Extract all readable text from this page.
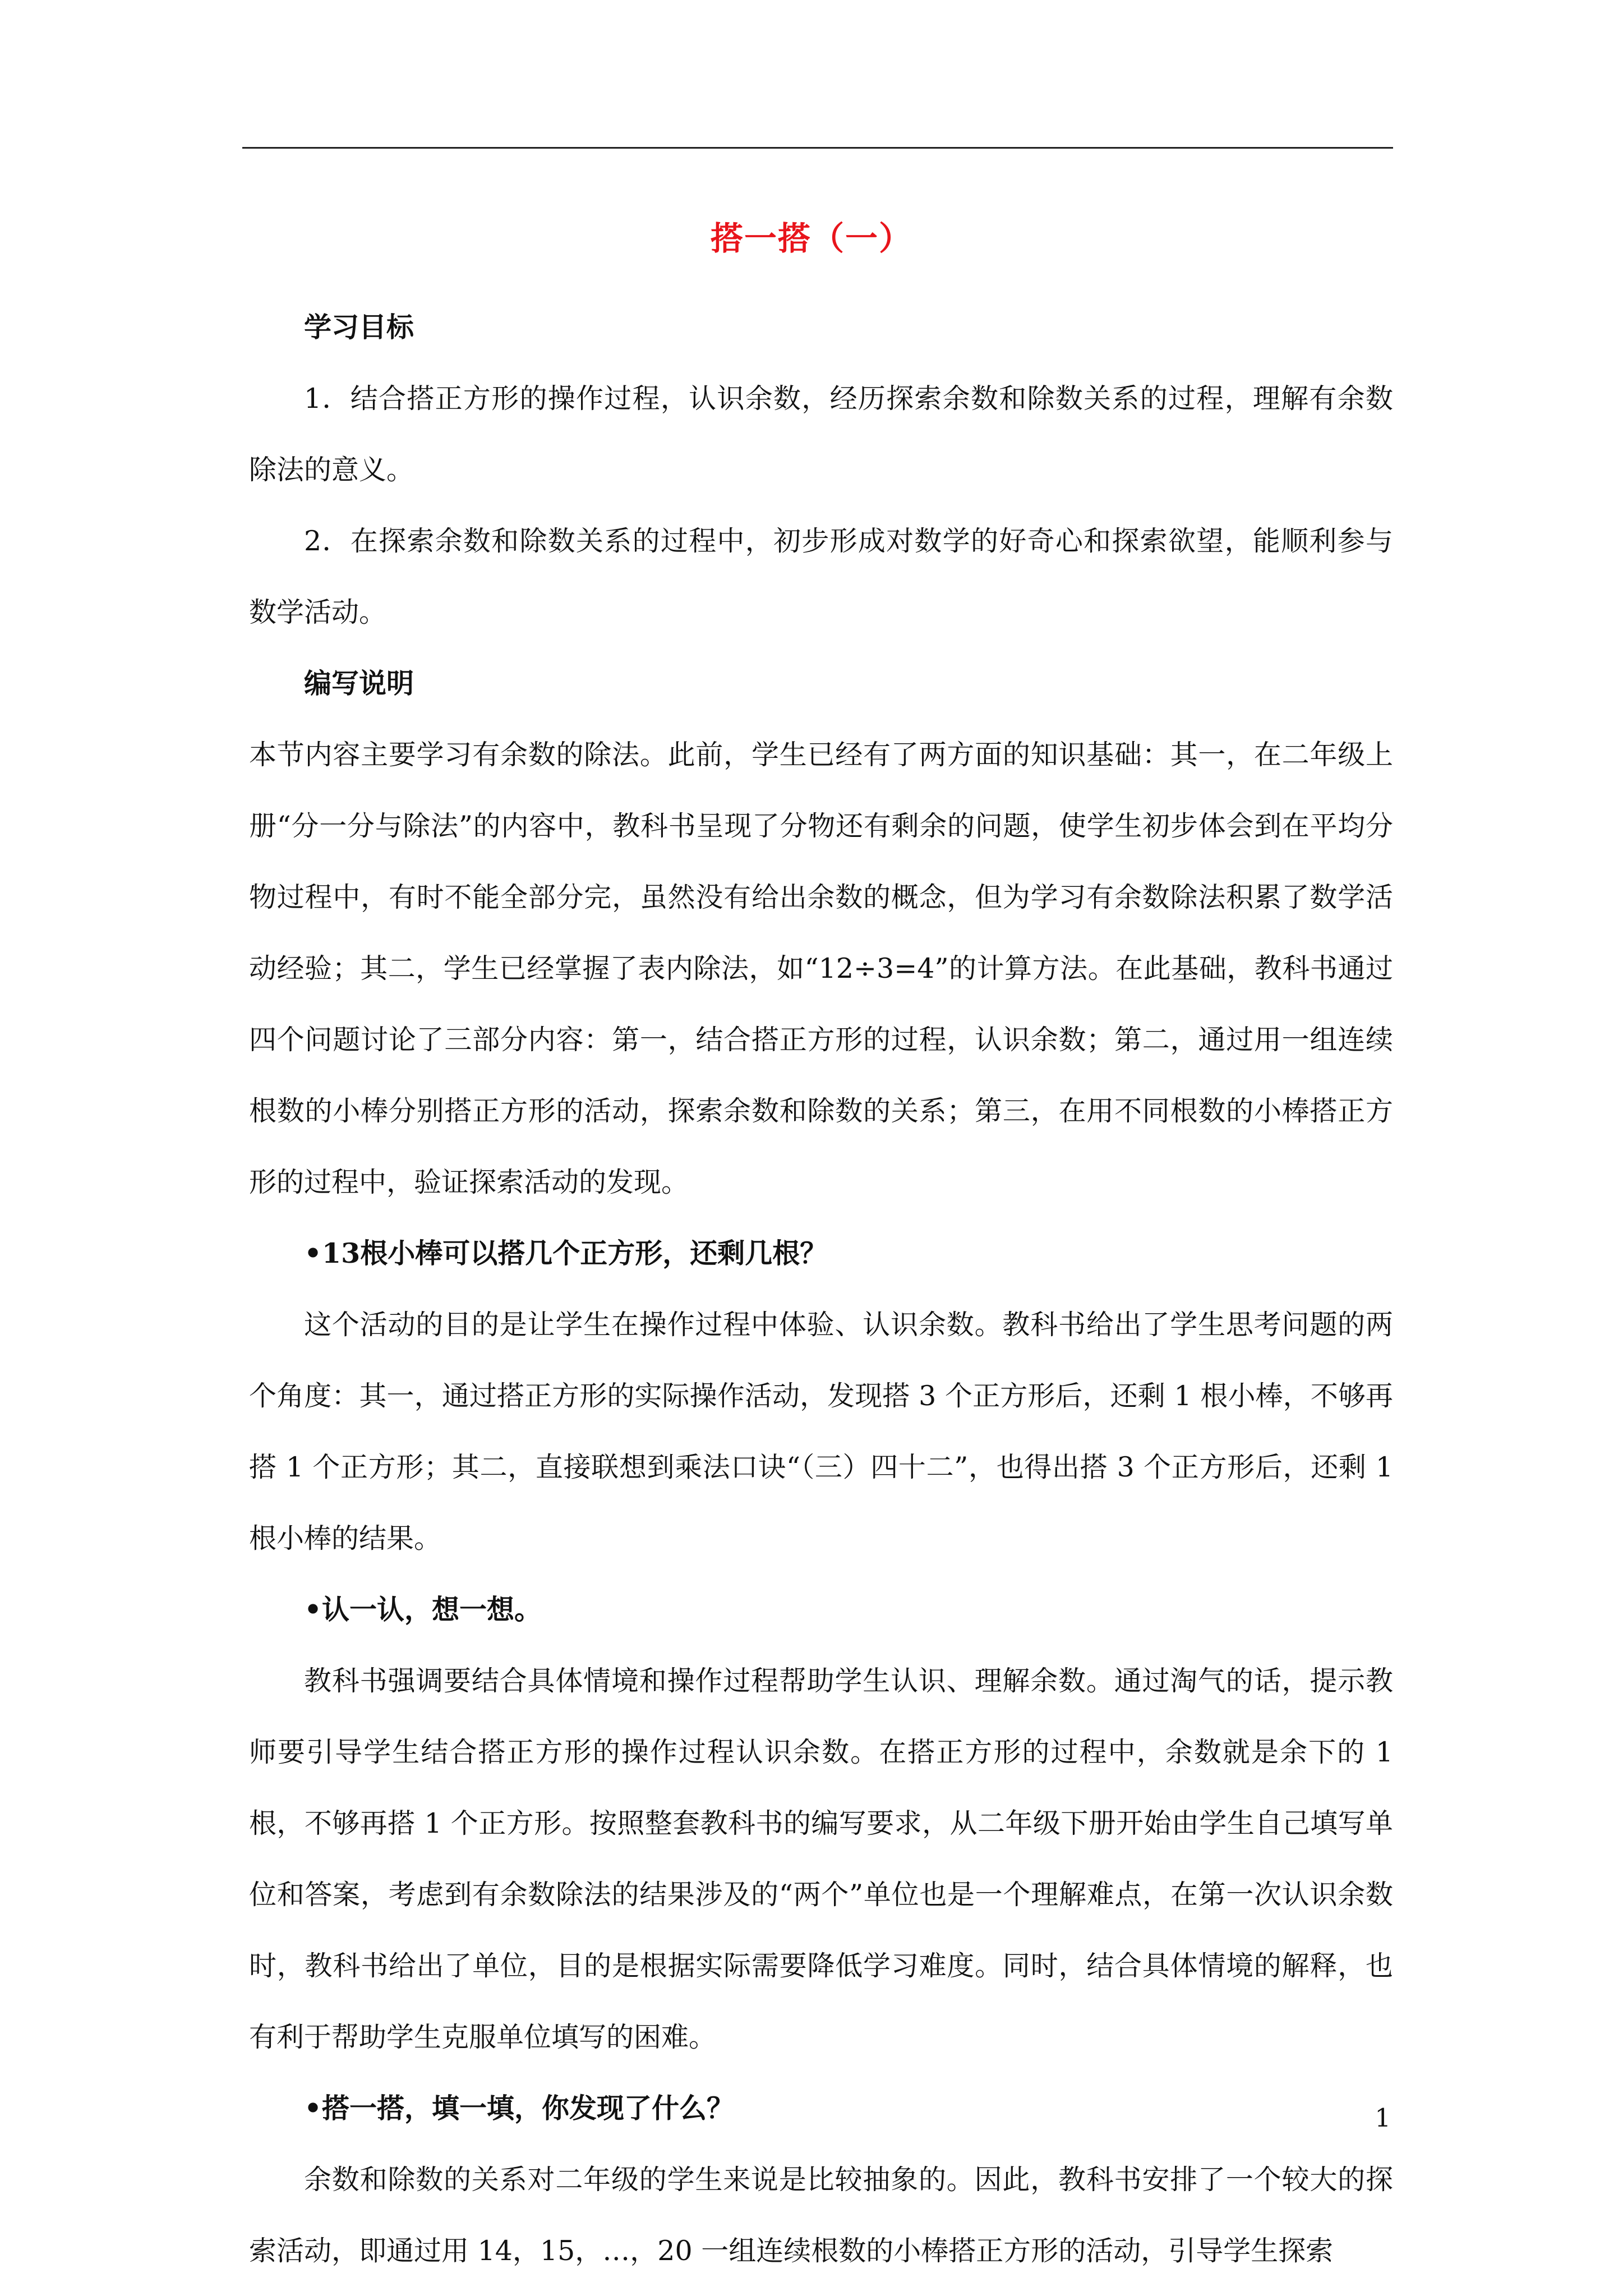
搭一搭（一）

学习目标

1．结合搭正方形的操作过程，认识余数，经历探索余数和除数关系的过程，理解有余数除法的意义。

2．在探索余数和除数关系的过程中，初步形成对数学的好奇心和探索欲望，能顺利参与数学活动。

编写说明

本节内容主要学习有余数的除法。此前，学生已经有了两方面的知识基础：其一，在二年级上册“分一分与除法”的内容中，教科书呈现了分物还有剩余的问题，使学生初步体会到在平均分物过程中，有时不能全部分完，虽然没有给出余数的概念，但为学习有余数除法积累了数学活动经验；其二，学生已经掌握了表内除法，如“12÷3=4”的计算方法。在此基础，教科书通过四个问题讨论了三部分内容：第一，结合搭正方形的过程，认识余数；第二，通过用一组连续根数的小棒分别搭正方形的活动，探索余数和除数的关系；第三，在用不同根数的小棒搭正方形的过程中，验证探索活动的发现。

•13根小棒可以搭几个正方形，还剩几根？

这个活动的目的是让学生在操作过程中体验、认识余数。教科书给出了学生思考问题的两个角度：其一，通过搭正方形的实际操作活动，发现搭 3 个正方形后，还剩 1 根小棒，不够再搭 1 个正方形；其二，直接联想到乘法口诀“（三）四十二”，也得出搭 3 个正方形后，还剩 1 根小棒的结果。

•认一认，想一想。

教科书强调要结合具体情境和操作过程帮助学生认识、理解余数。通过淘气的话，提示教师要引导学生结合搭正方形的操作过程认识余数。在搭正方形的过程中，余数就是余下的 1 根，不够再搭 1 个正方形。按照整套教科书的编写要求，从二年级下册开始由学生自己填写单位和答案，考虑到有余数除法的结果涉及的“两个”单位也是一个理解难点，在第一次认识余数时，教科书给出了单位，目的是根据实际需要降低学习难度。同时，结合具体情境的解释，也有利于帮助学生克服单位填写的困难。

•搭一搭，填一填，你发现了什么？

余数和除数的关系对二年级的学生来说是比较抽象的。因此，教科书安排了一个较大的探索活动，即通过用 14，15，…，20 一组连续根数的小棒搭正方形的活动，引导学生探索

1
